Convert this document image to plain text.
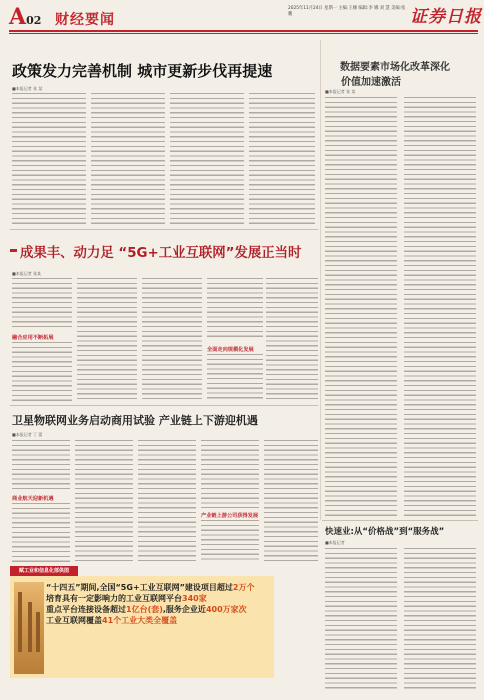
A02 财经要闻
2025年11月24日 星期一 主编:王姗 编辑:李 娜 刘 慧 美编:张 鹏	证券日报
政策发力完善机制 城市更新步伐再提速
■本报记者 张 某
数据要素市场化改革深化
价值加速激活
■本报记者 张 某
成果丰、动力足 “5G+工业互联网”发展正当时
■本报记者 张某
融合应用不断拓展
全面走向规模化发展
卫星物联网业务启动商用试验 产业链上下游迎机遇
■本报记者 丁 蕾
商业航天迎新机遇
产业链上游公司获得发展
快速业:从“价格战”到“服务战”
■本报记者
赋工业和信息化部供图
“十四五”期间,全国“5G+工业互联网”建设项目超过2万个
培育具有一定影响力的工业互联网平台340家
重点平台连接设备超过1亿台(套),服务企业近400万家次
工业互联网覆盖41个工业大类全覆盖
